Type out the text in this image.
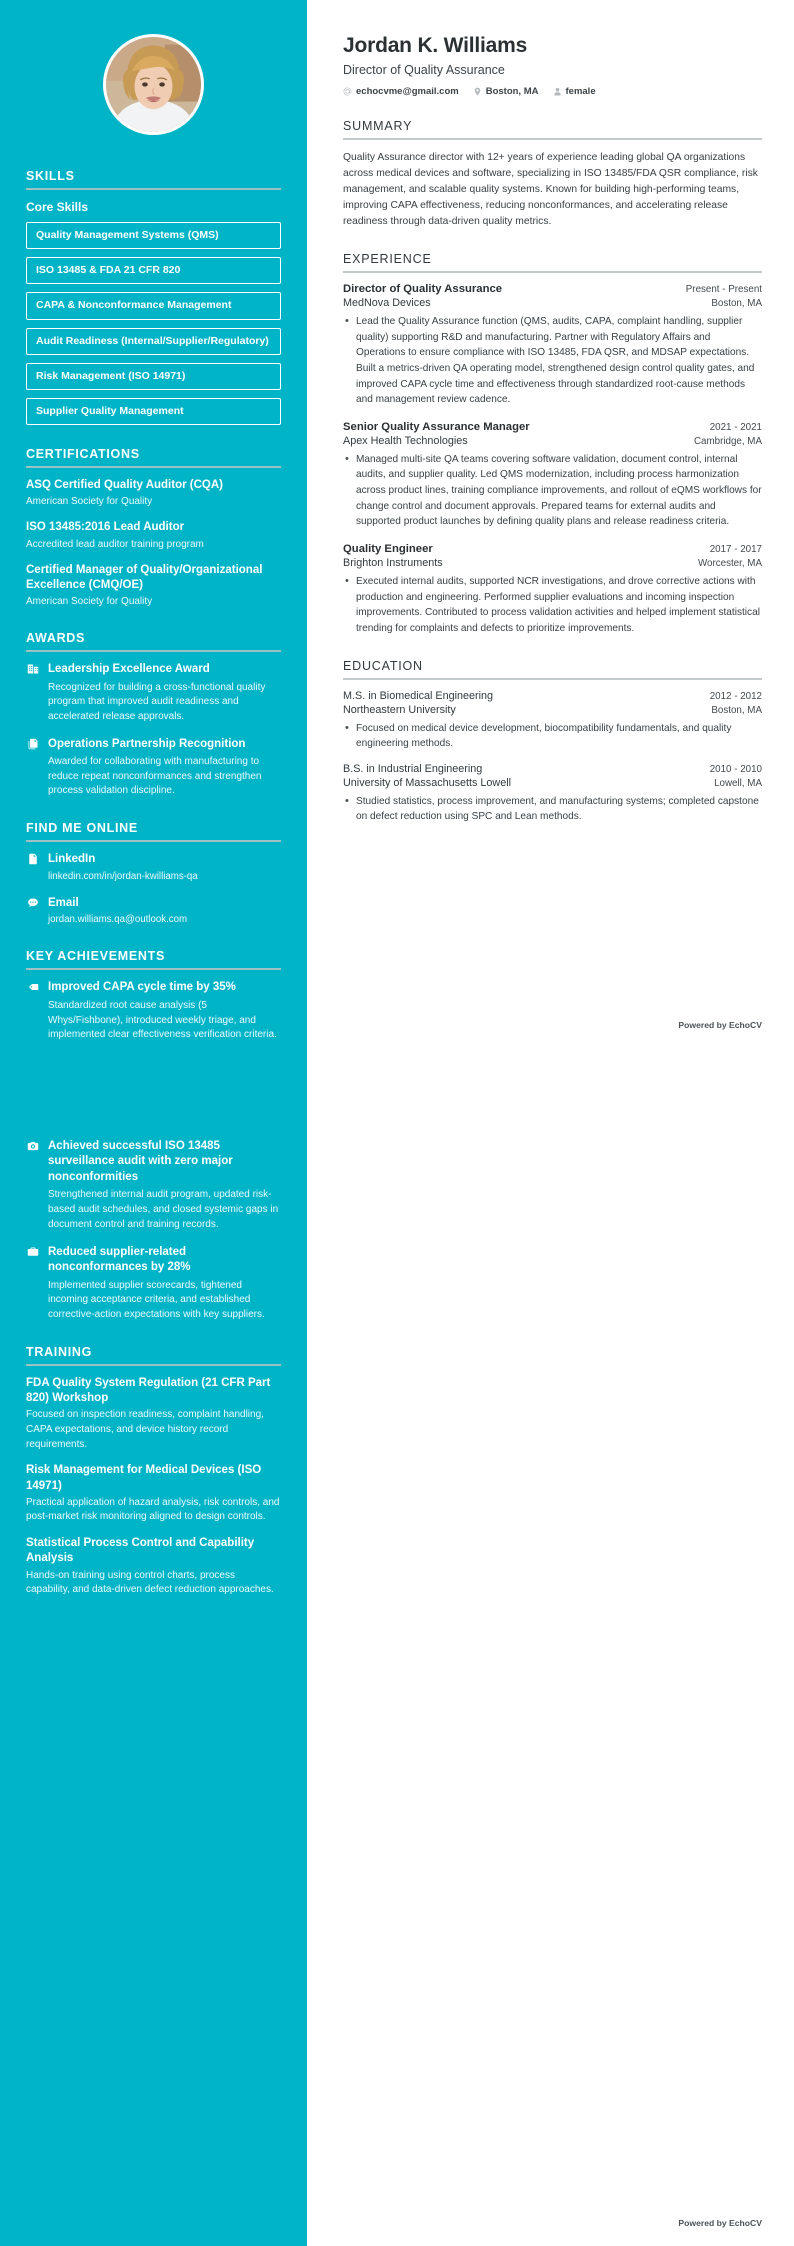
SKILLS
Core Skills
Quality Management Systems (QMS)
ISO 13485 & FDA 21 CFR 820
CAPA & Nonconformance Management
Audit Readiness (Internal/Supplier/Regulatory)
Risk Management (ISO 14971)
Supplier Quality Management
CERTIFICATIONS
ASQ Certified Quality Auditor (CQA)
American Society for Quality
ISO 13485:2016 Lead Auditor
Accredited lead auditor training program
Certified Manager of Quality/Organizational Excellence (CMQ/OE)
American Society for Quality
AWARDS
Leadership Excellence Award
Recognized for building a cross-functional quality program that improved audit readiness and accelerated release approvals.
Operations Partnership Recognition
Awarded for collaborating with manufacturing to reduce repeat nonconformances and strengthen process validation discipline.
FIND ME ONLINE
LinkedIn
linkedin.com/in/jordan-kwilliams-qa
Email
jordan.williams.qa@outlook.com
KEY ACHIEVEMENTS
Improved CAPA cycle time by 35%
Standardized root cause analysis (5 Whys/Fishbone), introduced weekly triage, and implemented clear effectiveness verification criteria.
Achieved successful ISO 13485 surveillance audit with zero major nonconformities
Strengthened internal audit program, updated risk-based audit schedules, and closed systemic gaps in document control and training records.
Reduced supplier-related nonconformances by 28%
Implemented supplier scorecards, tightened incoming acceptance criteria, and established corrective-action expectations with key suppliers.
TRAINING
FDA Quality System Regulation (21 CFR Part 820) Workshop
Focused on inspection readiness, complaint handling, CAPA expectations, and device history record requirements.
Risk Management for Medical Devices (ISO 14971)
Practical application of hazard analysis, risk controls, and post-market risk monitoring aligned to design controls.
Statistical Process Control and Capability Analysis
Hands-on training using control charts, process capability, and data-driven defect reduction approaches.
Jordan K. Williams
Director of Quality Assurance
echocvme@gmail.com	Boston, MA	female
SUMMARY

Quality Assurance director with 12+ years of experience leading global QA organizations across medical devices and software, specializing in ISO 13485/FDA QSR compliance, risk management, and scalable quality systems. Known for building high-performing teams, improving CAPA effectiveness, reducing nonconformances, and accelerating release readiness through data-driven quality metrics.

EXPERIENCE
Director of Quality Assurance	Present - Present
MedNova Devices	Boston, MA
• Lead the Quality Assurance function (QMS, audits, CAPA, complaint handling, supplier quality) supporting R&D and manufacturing. Partner with Regulatory Affairs and Operations to ensure compliance with ISO 13485, FDA QSR, and MDSAP expectations. Built a metrics-driven QA operating model, strengthened design control quality gates, and improved CAPA cycle time and effectiveness through standardized root-cause methods and management review cadence.
Senior Quality Assurance Manager	2021 - 2021
Apex Health Technologies	Cambridge, MA
• Managed multi-site QA teams covering software validation, document control, internal audits, and supplier quality. Led QMS modernization, including process harmonization across product lines, training compliance improvements, and rollout of eQMS workflows for change control and document approvals. Prepared teams for external audits and supported product launches by defining quality plans and release readiness criteria.
Quality Engineer	2017 - 2017
Brighton Instruments	Worcester, MA
• Executed internal audits, supported NCR investigations, and drove corrective actions with production and engineering. Performed supplier evaluations and incoming inspection improvements. Contributed to process validation activities and helped implement statistical trending for complaints and defects to prioritize improvements.
EDUCATION
M.S. in Biomedical Engineering	2012 - 2012
Northeastern University	Boston, MA
• Focused on medical device development, biocompatibility fundamentals, and quality engineering methods.
B.S. in Industrial Engineering	2010 - 2010
University of Massachusetts Lowell	Lowell, MA
• Studied statistics, process improvement, and manufacturing systems; completed capstone on defect reduction using SPC and Lean methods.
Powered by EchoCV
Powered by EchoCV
